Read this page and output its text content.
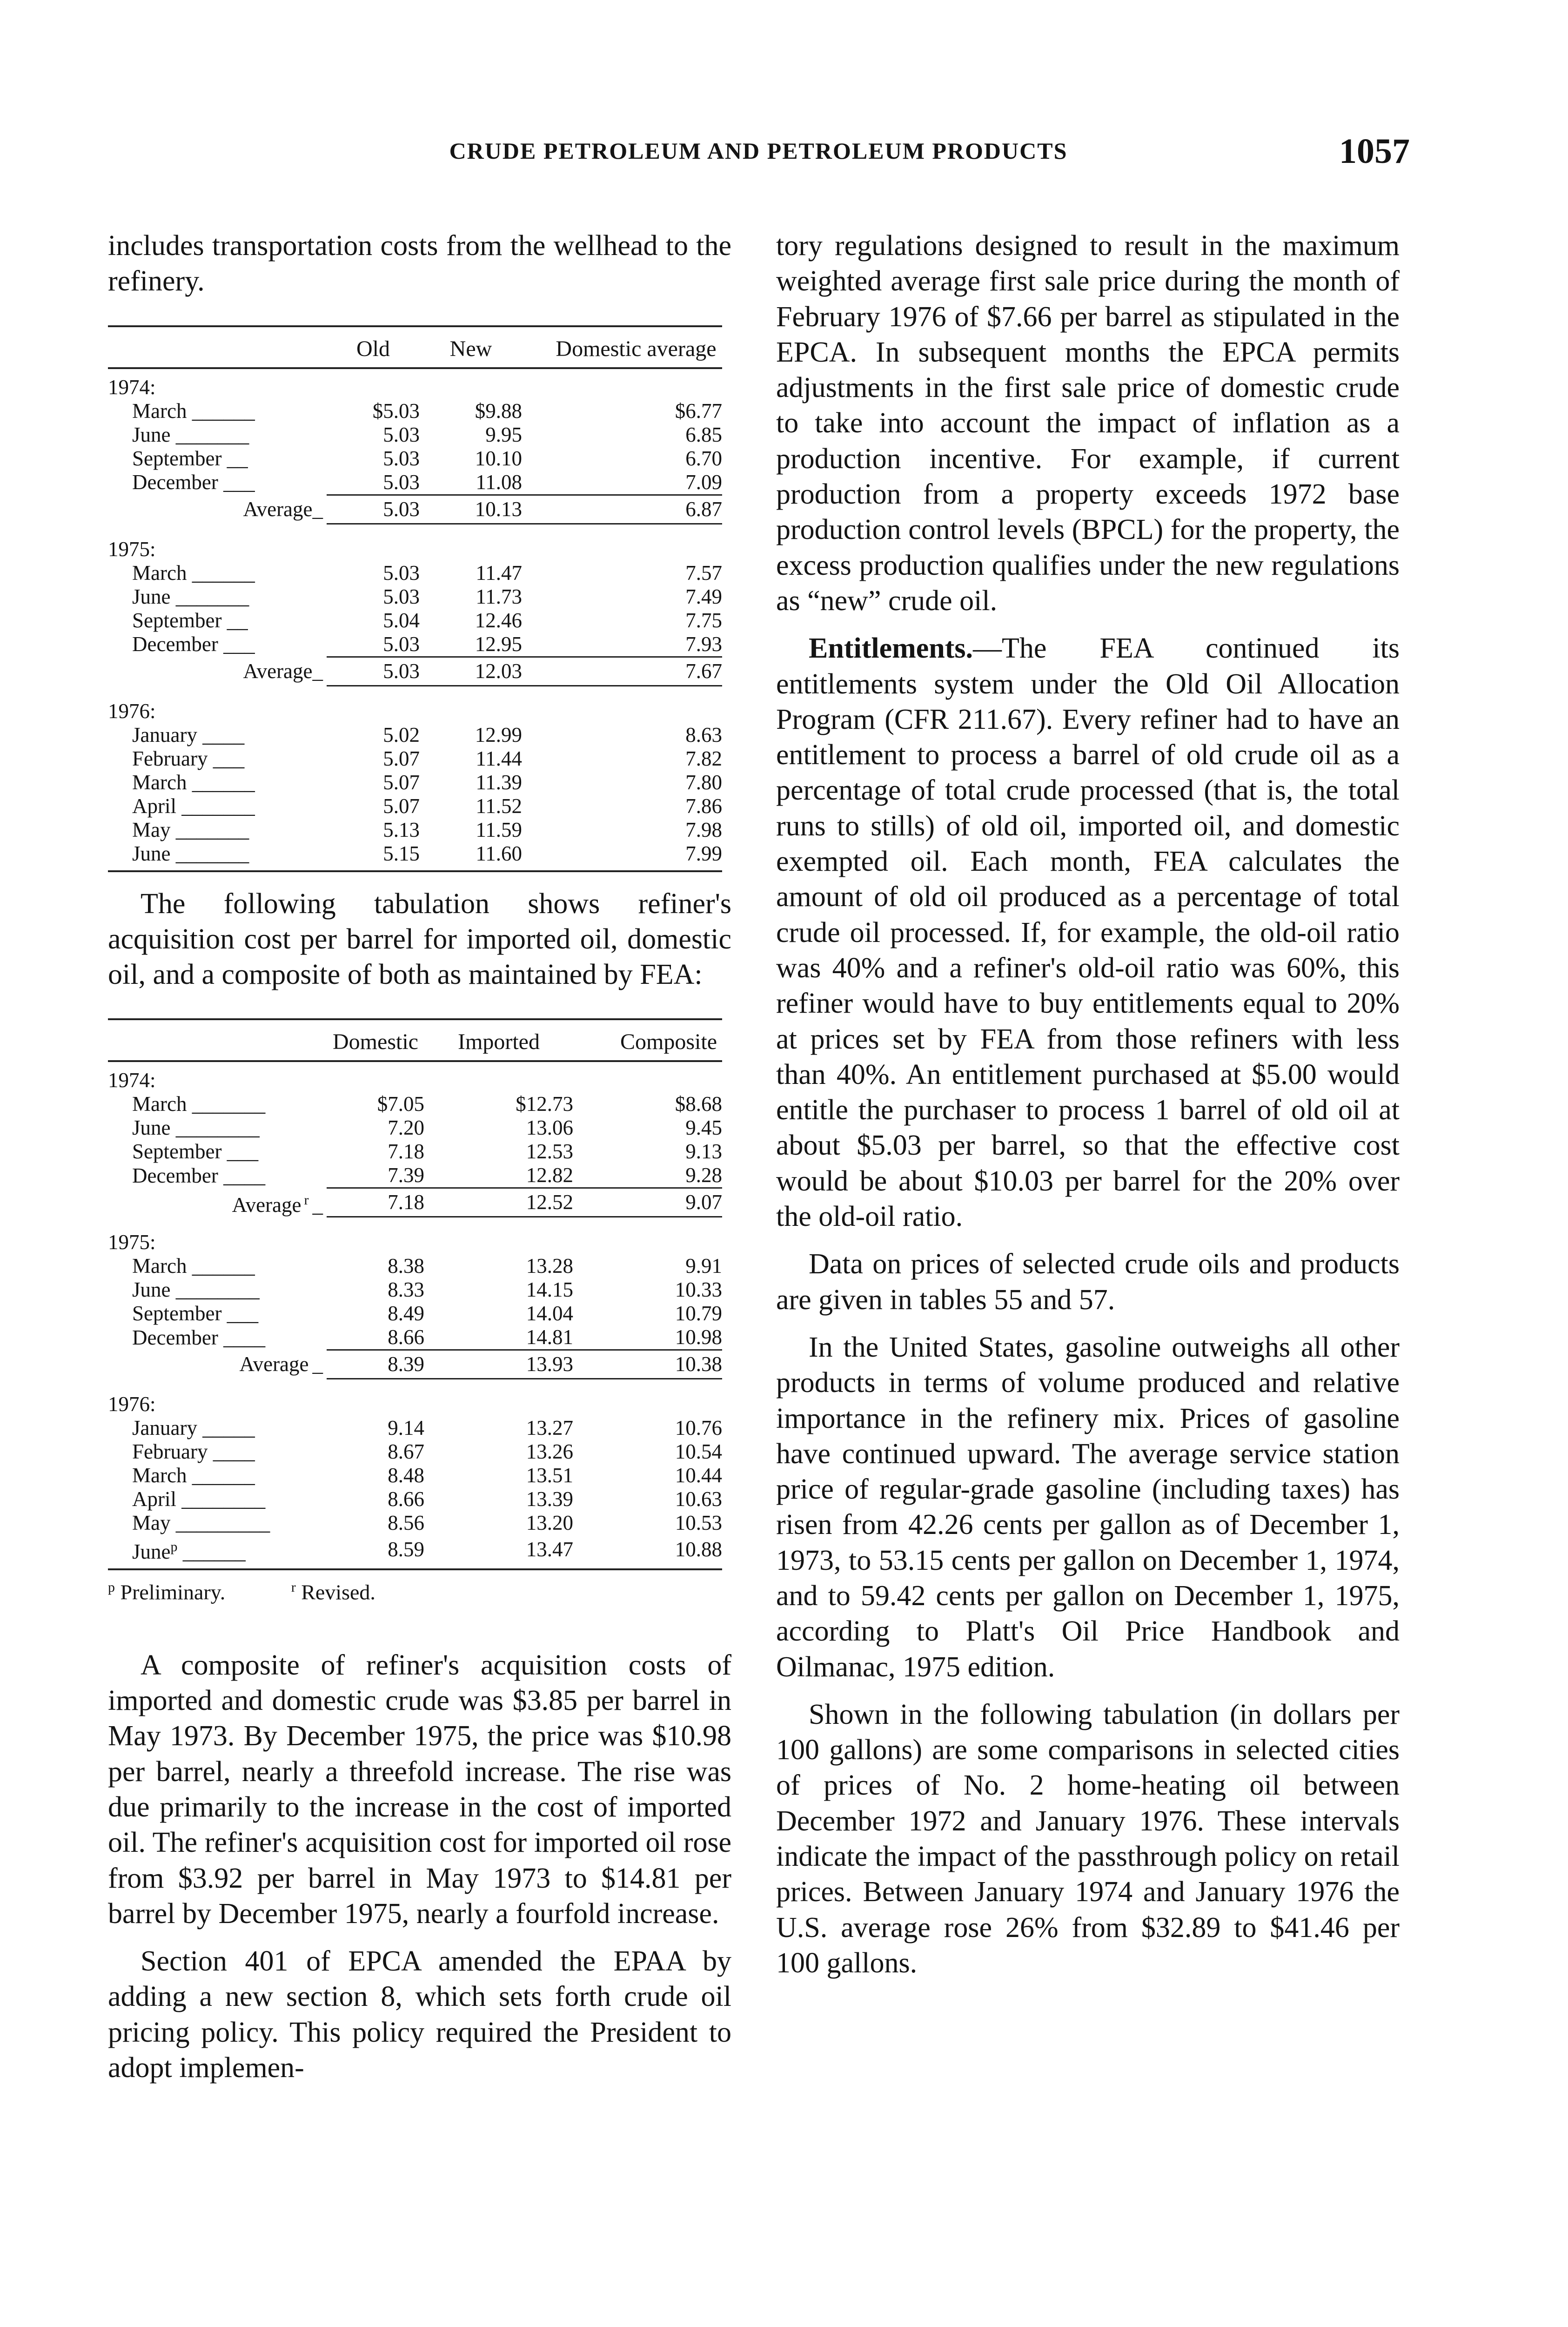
CRUDE PETROLEUM AND PETROLEUM PRODUCTS	1057

includes transportation costs from the wellhead to the refinery.

	Old	New	Domestic average
1974:			
March ______	$5.03	$9.88	$6.77
June _______	5.03	9.95	6.85
September __	5.03	10.10	6.70
December ___	5.03	11.08	7.09
Average_	5.03	10.13	6.87

1975:			
March ______	5.03	11.47	7.57
June _______	5.03	11.73	7.49
September __	5.04	12.46	7.75
December ___	5.03	12.95	7.93
Average_	5.03	12.03	7.67

1976:			
January ____	5.02	12.99	8.63
February ___	5.07	11.44	7.82
March ______	5.07	11.39	7.80
April _______	5.07	11.52	7.86
May _______	5.13	11.59	7.98
June _______	5.15	11.60	7.99

The following tabulation shows refiner's acquisition cost per barrel for imported oil, domestic oil, and a composite of both as maintained by FEA:

	Domestic	Imported	Composite
1974:			
March _______	$7.05	$12.73	$8.68
June ________	7.20	13.06	9.45
September ___	7.18	12.53	9.13
December ____	7.39	12.82	9.28
Average $^r$ _	7.18	12.52	9.07

1975:			
March ______	8.38	13.28	9.91
June ________	8.33	14.15	10.33
September ___	8.49	14.04	10.79
December ____	8.66	14.81	10.98
Average _	8.39	13.93	10.38

1976:			
January _____	9.14	13.27	10.76
February ____	8.67	13.26	10.54
March ______	8.48	13.51	10.44
April ________	8.66	13.39	10.63
May _________	8.56	13.20	10.53
June$^p$ ______	8.59	13.47	10.88

$^p$ Preliminary.	$^r$ Revised.

A composite of refiner's acquisition costs of imported and domestic crude was $3.85 per barrel in May 1973. By December 1975, the price was $10.98 per barrel, nearly a threefold increase. The rise was due primarily to the increase in the cost of imported oil. The refiner's acquisition cost for imported oil rose from $3.92 per barrel in May 1973 to $14.81 per barrel by December 1975, nearly a fourfold increase.

Section 401 of EPCA amended the EPAA by adding a new section 8, which sets forth crude oil pricing policy. This policy required the President to adopt implemen-

tory regulations designed to result in the maximum weighted average first sale price during the month of February 1976 of $7.66 per barrel as stipulated in the EPCA. In subsequent months the EPCA permits adjustments in the first sale price of domestic crude to take into account the impact of inflation as a production incentive. For example, if current production from a property exceeds 1972 base production control levels (BPCL) for the property, the excess production qualifies under the new regulations as “new” crude oil.

Entitlements.—The FEA continued its entitlements system under the Old Oil Allocation Program (CFR 211.67). Every refiner had to have an entitlement to process a barrel of old crude oil as a percentage of total crude processed (that is, the total runs to stills) of old oil, imported oil, and domestic exempted oil. Each month, FEA calculates the amount of old oil produced as a percentage of total crude oil processed. If, for example, the old-oil ratio was 40% and a refiner's old-oil ratio was 60%, this refiner would have to buy entitlements equal to 20% at prices set by FEA from those refiners with less than 40%. An entitlement purchased at $5.00 would entitle the purchaser to process 1 barrel of old oil at about $5.03 per barrel, so that the effective cost would be about $10.03 per barrel for the 20% over the old-oil ratio.

Data on prices of selected crude oils and products are given in tables 55 and 57.

In the United States, gasoline outweighs all other products in terms of volume produced and relative importance in the refinery mix. Prices of gasoline have continued upward. The average service station price of regular-grade gasoline (including taxes) has risen from 42.26 cents per gallon as of December 1, 1973, to 53.15 cents per gallon on December 1, 1974, and to 59.42 cents per gallon on December 1, 1975, according to Platt's Oil Price Handbook and Oilmanac, 1975 edition.

Shown in the following tabulation (in dollars per 100 gallons) are some comparisons in selected cities of prices of No. 2 home-heating oil between December 1972 and January 1976. These intervals indicate the impact of the passthrough policy on retail prices. Between January 1974 and January 1976 the U.S. average rose 26% from $32.89 to $41.46 per 100 gallons.
